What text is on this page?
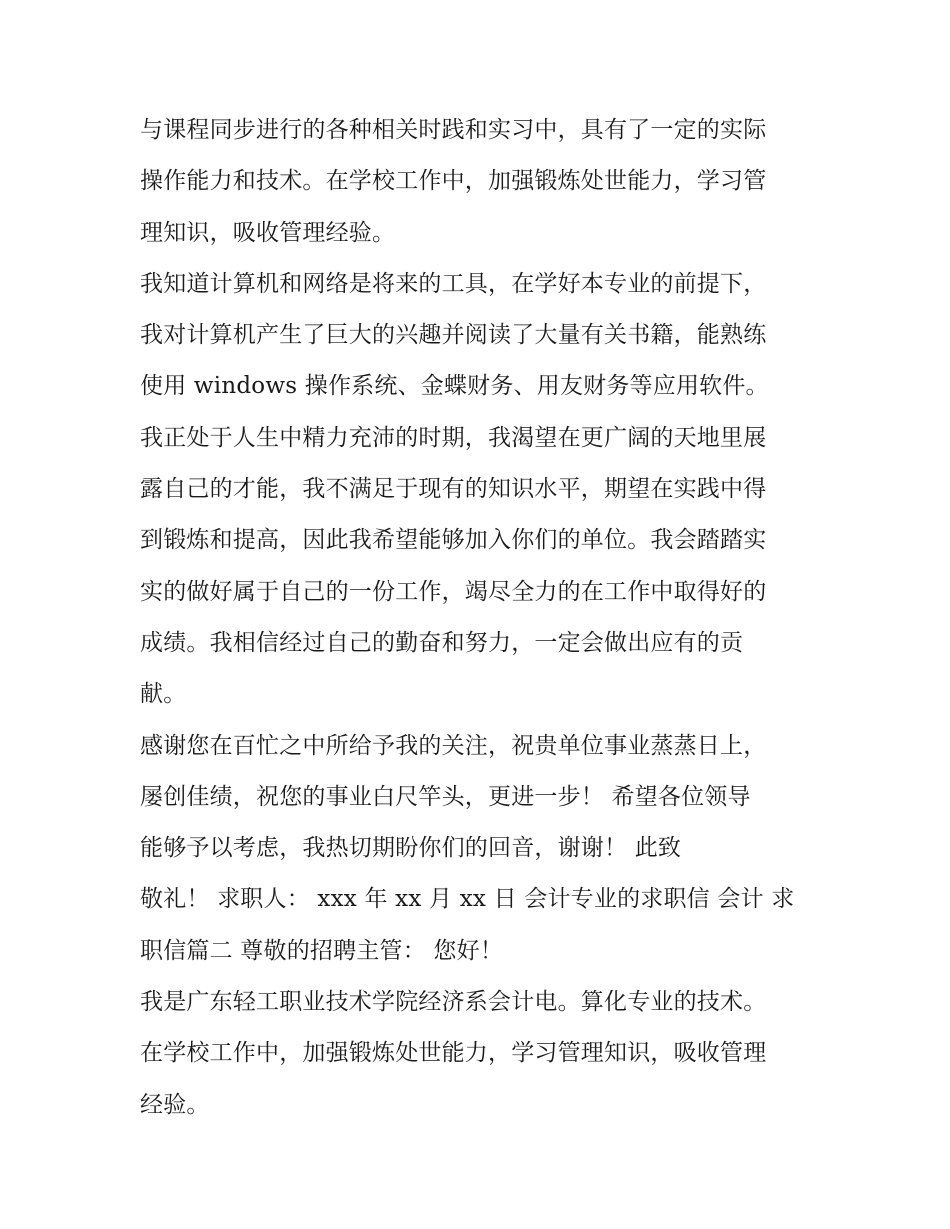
与课程同步进行的各种相关时践和实习中，具有了一定的实际
操作能力和技术。在学校工作中，加强锻炼处世能力，学习管
理知识，吸收管理经验。
我知道计算机和网络是将来的工具，在学好本专业的前提下，
我对计算机产生了巨大的兴趣并阅读了大量有关书籍，能熟练
使用 windows 操作系统、金蝶财务、用友财务等应用软件。
我正处于人生中精力充沛的时期，我渴望在更广阔的天地里展
露自己的才能，我不满足于现有的知识水平，期望在实践中得
到锻炼和提高，因此我希望能够加入你们的单位。我会踏踏实
实的做好属于自己的一份工作，竭尽全力的在工作中取得好的
成绩。我相信经过自己的勤奋和努力，一定会做出应有的贡
献。
感谢您在百忙之中所给予我的关注，祝贵单位事业蒸蒸日上，
屡创佳绩，祝您的事业白尺竿头，更进一步！ 希望各位领导
能够予以考虑，我热切期盼你们的回音，谢谢！ 此致
敬礼！ 求职人： xxx 年 xx 月 xx 日 会计专业的求职信 会计 求
职信篇二 尊敬的招聘主管： 您好！
我是广东轻工职业技术学院经济系会计电。算化专业的技术。
在学校工作中，加强锻炼处世能力，学习管理知识，吸收管理
经验。
